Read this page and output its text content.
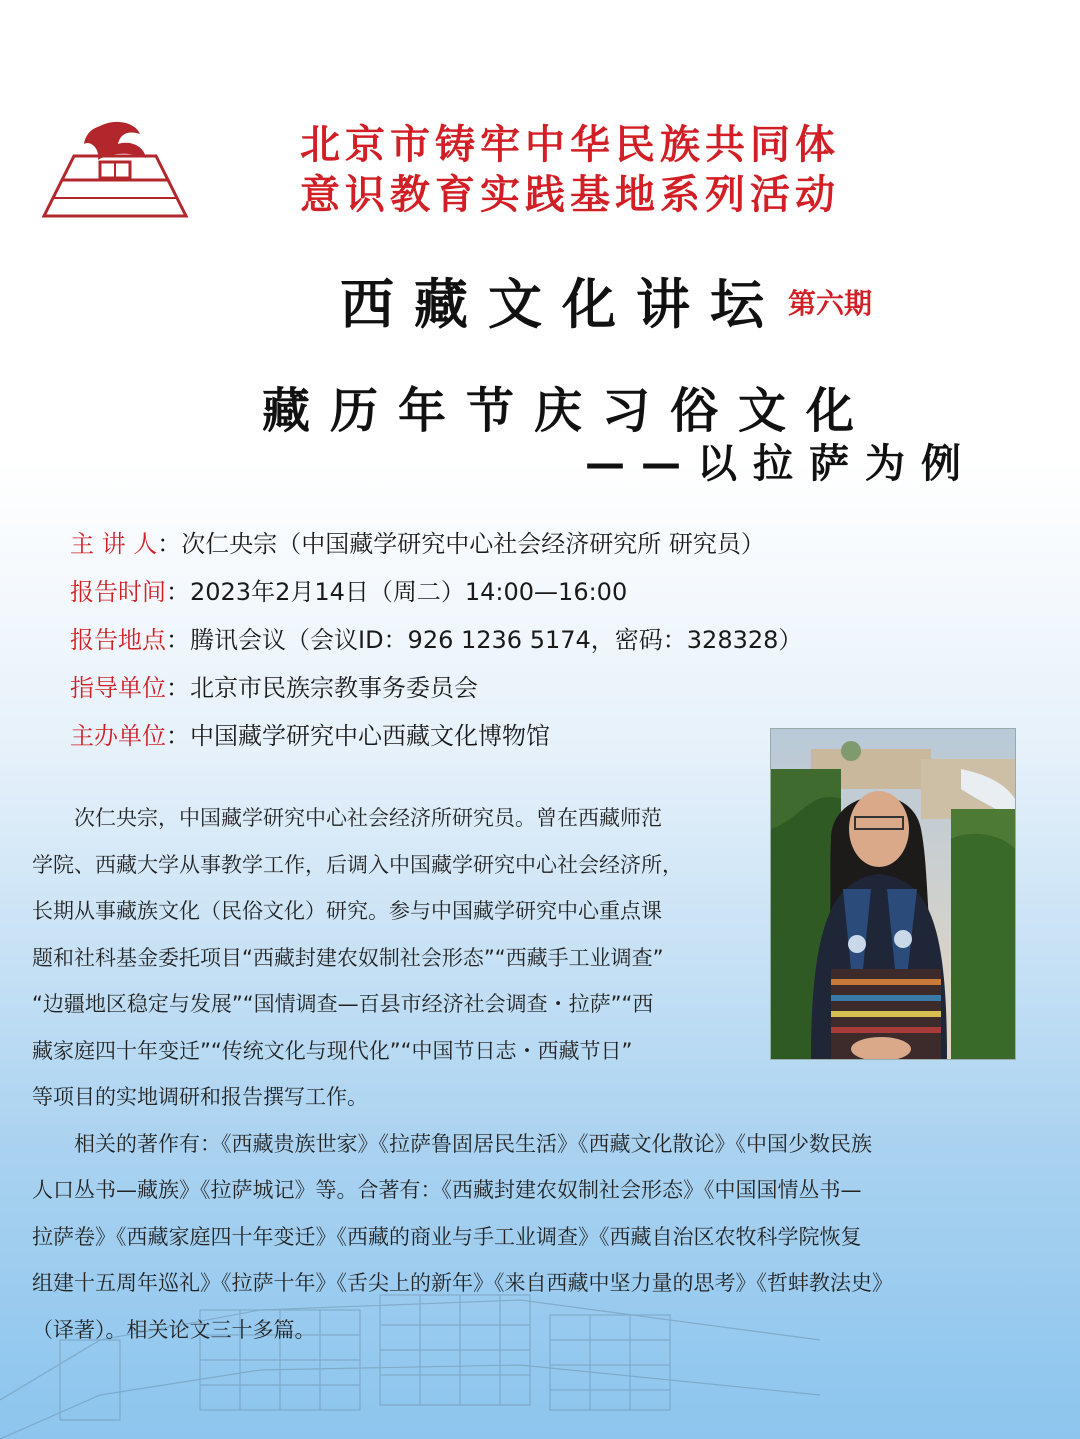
北京市铸牢中华民族共同体
意识教育实践基地系列活动
西藏文化讲坛 第六期
藏历年节庆习俗文化
——以拉萨为例
主 讲 人：次仁央宗（中国藏学研究中心社会经济研究所 研究员）
报告时间：2023年2月14日（周二）14:00—16:00
报告地点：腾讯会议（会议ID：926 1236 5174，密码：328328）
指导单位：北京市民族宗教事务委员会
主办单位：中国藏学研究中心西藏文化博物馆
　　次仁央宗，中国藏学研究中心社会经济所研究员。曾在西藏师范
学院、西藏大学从事教学工作，后调入中国藏学研究中心社会经济所，
长期从事藏族文化（民俗文化）研究。参与中国藏学研究中心重点课
题和社科基金委托项目“西藏封建农奴制社会形态”“西藏手工业调查”
“边疆地区稳定与发展”“国情调查—百县市经济社会调查・拉萨”“西
藏家庭四十年变迁”“传统文化与现代化”“中国节日志・西藏节日”
等项目的实地调研和报告撰写工作。
　　相关的著作有：《西藏贵族世家》《拉萨鲁固居民生活》《西藏文化散论》《中国少数民族
人口丛书—藏族》《拉萨城记》等。合著有：《西藏封建农奴制社会形态》《中国国情丛书—
拉萨卷》《西藏家庭四十年变迁》《西藏的商业与手工业调查》《西藏自治区农牧科学院恢复
组建十五周年巡礼》《拉萨十年》《舌尖上的新年》《来自西藏中坚力量的思考》《哲蚌教法史》
（译著）。相关论文三十多篇。
